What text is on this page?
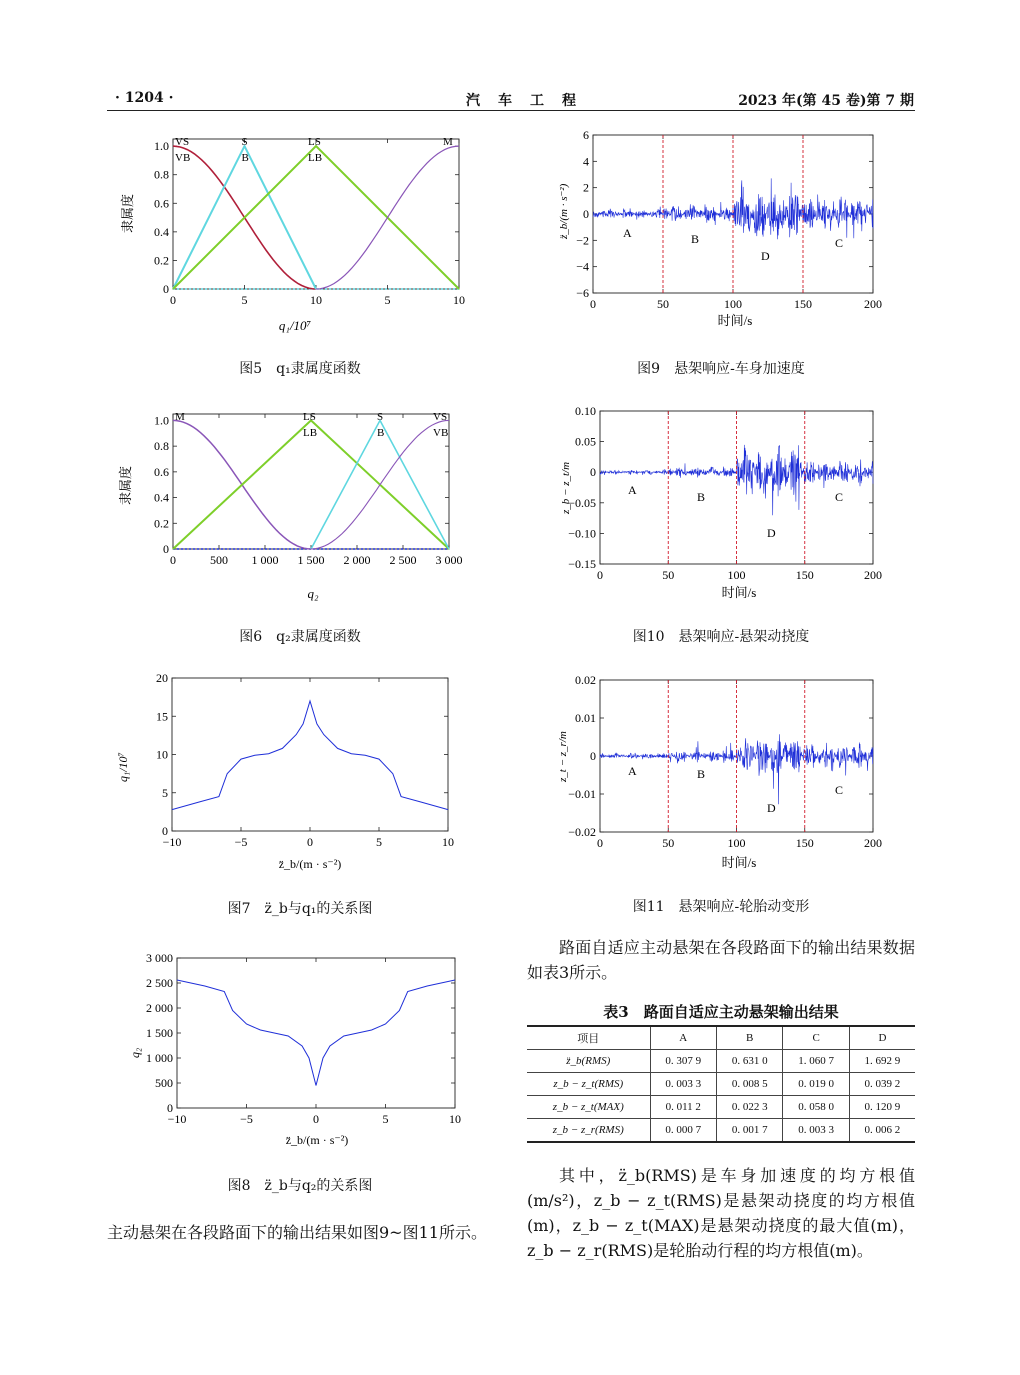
· 1204 ·	汽　车　工　程	2023 年(第 45 卷)第 7 期
0
0.2
0.4
0.6
0.8
1.0
0	5	10	5	10
VS
VB
S
B
LS
LB
M
隶属度
q₁/10⁷
图5　q₁隶属度函数
0
0.2
0.4
0.6
0.8
1.0
0	500 1 000 1 500 2 000 2 500 3 000
M	LS
LB
S
B
VS
VB
隶属度
q₂
图6　q₂隶属度函数
0
5
10
15
20
−10	−5	0	5	10
q₁/10⁷
z̈_b/(m · s⁻²)
图7　z̈_b与q₁的关系图
0
500
1 000
1 500
2 000
2 500
3 000
−10	−5	0	5	10
q₂
z̈_b/(m · s⁻²)
图8　z̈_b与q₂的关系图

主动悬架在各段路面下的输出结果如图9~图11所示。

−6
−4
−2
0
2
4
6
0	50	100	150	200
A	B
D
C
z̈_b/(m · s⁻²)
时间/s
图9　悬架响应-车身加速度
−0.15
−0.10
−0.05
0
0.05
0.10
0	50	100	150	200
A	B
D
C
z_b − z_t/m
时间/s
图10　悬架响应-悬架动挠度
−0.02
−0.01
0
0.01
0.02
0	50	100	150	200
A	B
D
C
z_t − z_r/m
时间/s
图11　悬架响应-轮胎动变形

路面自适应主动悬架在各段路面下的输出结果数据如表3所示。

表3　路面自适应主动悬架输出结果
项目	A	B	C	D
z̈_b(RMS)	0. 307 9	0. 631 0	1. 060 7	1. 692 9
z_b − z_t(RMS)	0. 003 3	0. 008 5	0. 019 0	0. 039 2
z_b − z_t(MAX)	0. 011 2	0. 022 3	0. 058 0	0. 120 9
z_b − z_r(RMS)	0. 000 7	0. 001 7	0. 003 3	0. 006 2

其中，z̈_b(RMS)是车身加速度的均方根值(m/s²)，z_b − z_t(RMS)是悬架动挠度的均方根值(m)，z_b − z_t(MAX)是悬架动挠度的最大值(m)，z_b − z_r(RMS)是轮胎动行程的均方根值(m)。
